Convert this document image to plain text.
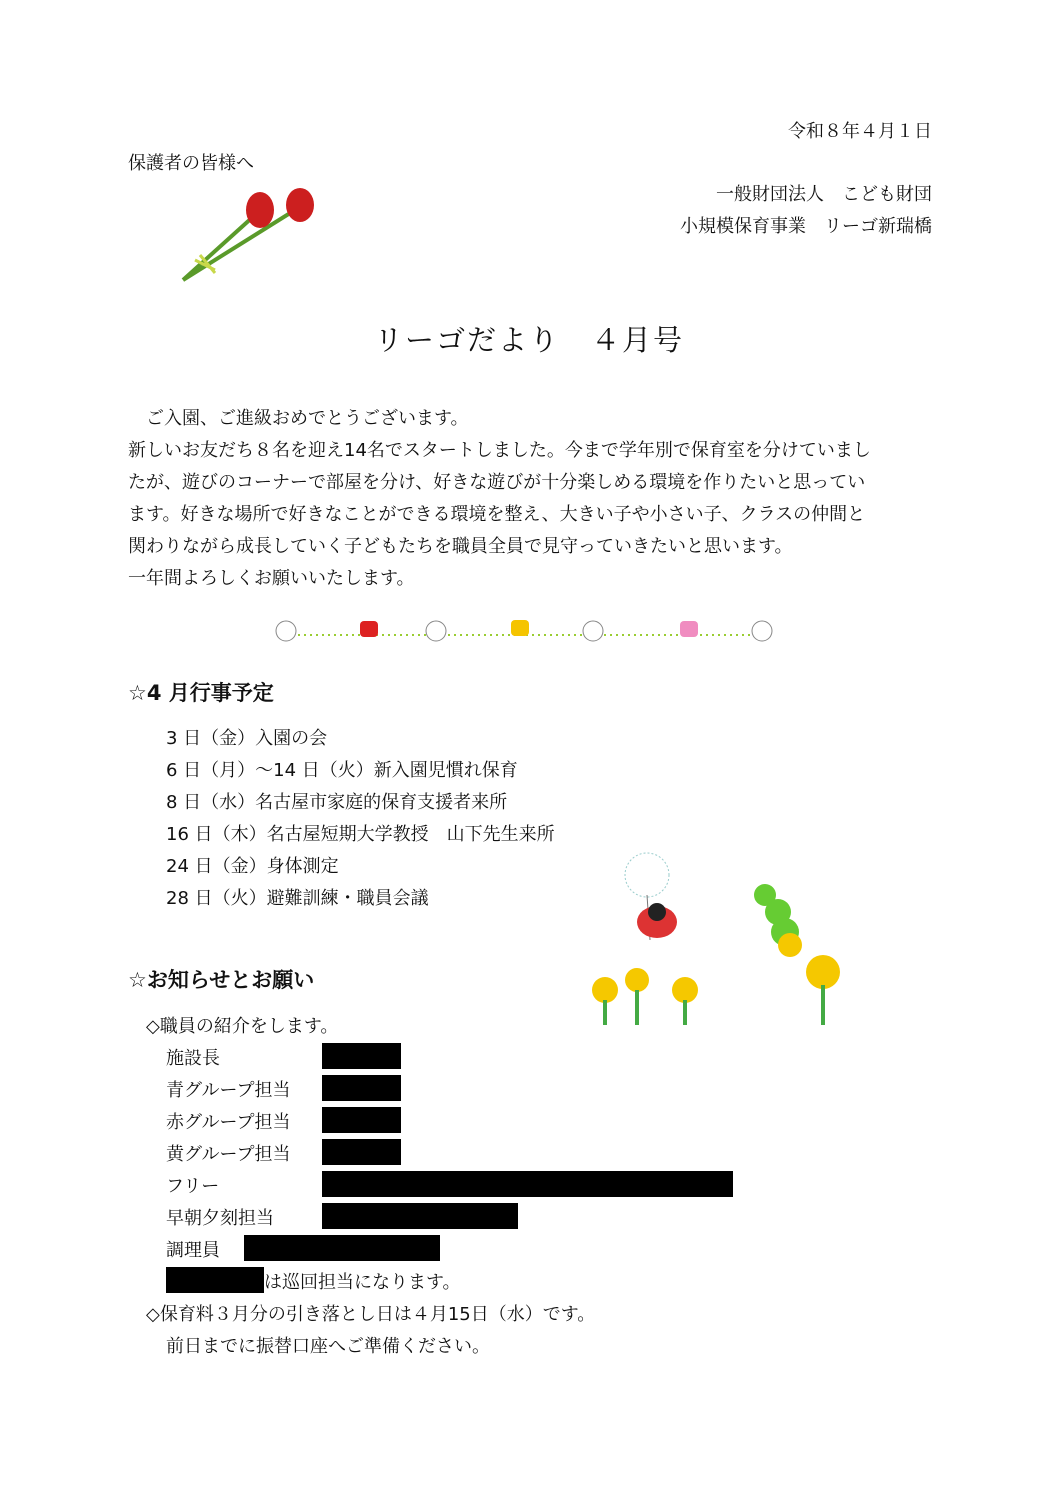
令和８年４月１日
保護者の皆様へ
一般財団法人　こども財団
小規模保育事業　リーゴ新瑞橋
リーゴだより　４月号
　ご入園、ご進級おめでとうございます。
新しいお友だち８名を迎え14名でスタートしました。今まで学年別で保育室を分けていまし
たが、遊びのコーナーで部屋を分け、好きな遊びが十分楽しめる環境を作りたいと思ってい
ます。好きな場所で好きなことができる環境を整え、大きい子や小さい子、クラスの仲間と
関わりながら成長していく子どもたちを職員全員で見守っていきたいと思います。
一年間よろしくお願いいたします。
☆4 月行事予定
3 日（金）入園の会
6 日（月）～14 日（火）新入園児慣れ保育
8 日（水）名古屋市家庭的保育支援者来所
16 日（木）名古屋短期大学教授　山下先生来所
24 日（金）身体測定
28 日（火）避難訓練・職員会議
☆お知らせとお願い
◇職員の紹介をします。
施設長
青グループ担当
赤グループ担当
黄グループ担当
フリー
早朝夕刻担当
調理員
は巡回担当になります。
◇保育料３月分の引き落とし日は４月15日（水）です。
前日までに振替口座へご準備ください。
